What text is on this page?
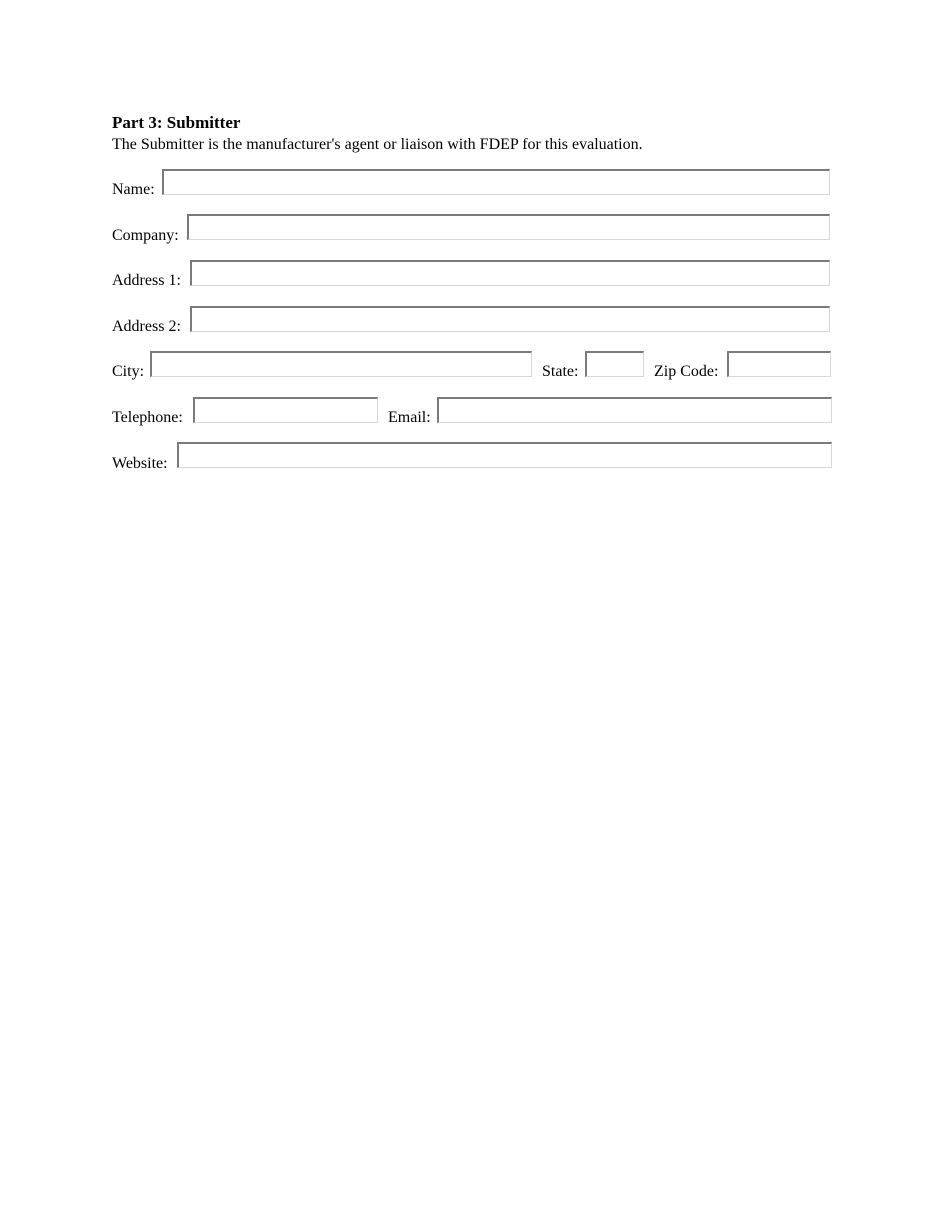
Part 3: Submitter
The Submitter is the manufacturer's agent or liaison with FDEP for this evaluation.
Name:
Company:
Address 1:
Address 2:
City:	State:	Zip Code:
Telephone:	Email:
Website:
